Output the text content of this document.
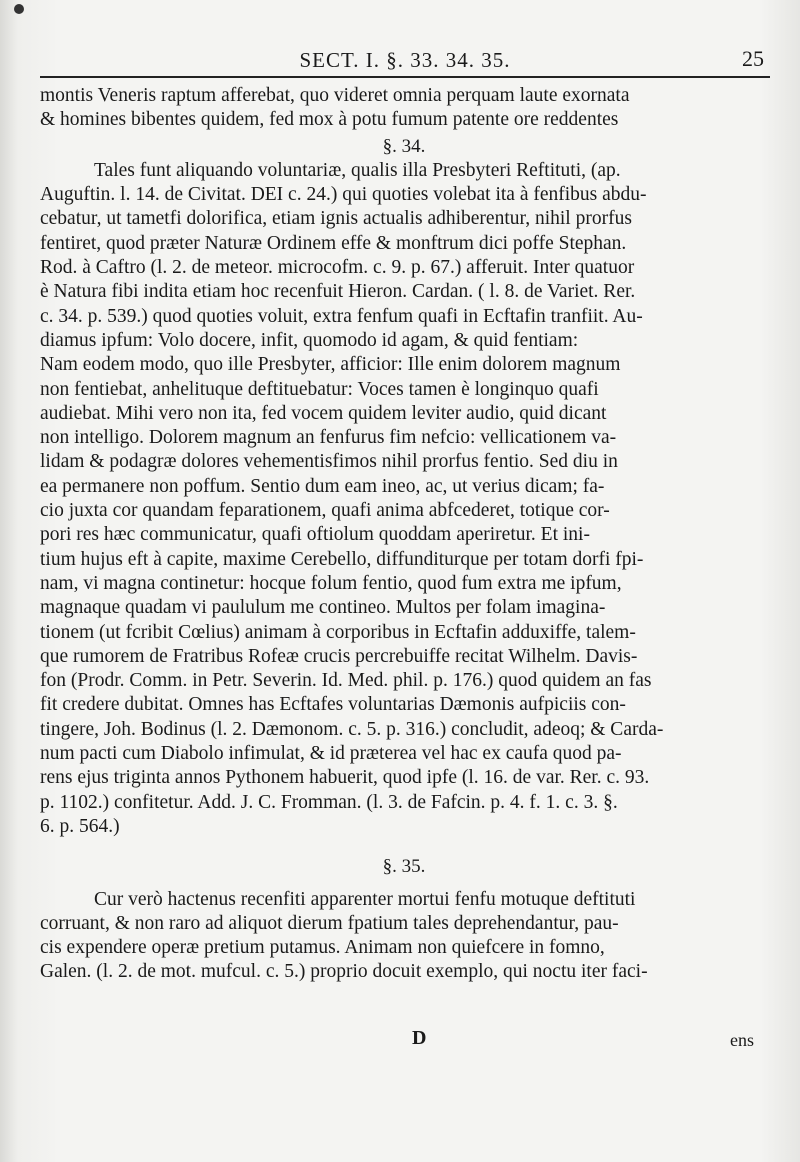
SECT. I. §. 33. 34. 35.	25
montis Veneris raptum afferebat, quo videret omnia perquam laute exornata
& homines bibentes quidem, fed mox à potu fumum patente ore reddentes
§. 34.
Tales funt aliquando voluntariæ, qualis illa Presbyteri Reftituti, (ap.
Auguftin. l. 14. de Civitat. DEI c. 24.) qui quoties volebat ita à fenfibus abdu-
cebatur, ut tametfi dolorifica, etiam ignis actualis adhiberentur, nihil prorfus
fentiret, quod præter Naturæ Ordinem effe & monftrum dici poffe Stephan.
Rod. à Caftro (l. 2. de meteor. microcofm. c. 9. p. 67.) afferuit. Inter quatuor
è Natura fibi indita etiam hoc recenfuit Hieron. Cardan. ( l. 8. de Variet. Rer.
c. 34. p. 539.) quod quoties voluit, extra fenfum quafi in Ecftafin tranfiit. Au-
diamus ipfum: Volo docere, infit, quomodo id agam, & quid fentiam:
Nam eodem modo, quo ille Presbyter, afficior: Ille enim dolorem magnum
non fentiebat, anhelituque deftituebatur: Voces tamen è longinquo quafi
audiebat. Mihi vero non ita, fed vocem quidem leviter audio, quid dicant
non intelligo. Dolorem magnum an fenfurus fim nefcio: vellicationem va-
lidam & podagræ dolores vehementisfimos nihil prorfus fentio. Sed diu in
ea permanere non poffum. Sentio dum eam ineo, ac, ut verius dicam; fa-
cio juxta cor quandam feparationem, quafi anima abfcederet, totique cor-
pori res hæc communicatur, quafi oftiolum quoddam aperiretur. Et ini-
tium hujus eft à capite, maxime Cerebello, diffunditurque per totam dorfi fpi-
nam, vi magna continetur: hocque folum fentio, quod fum extra me ipfum,
magnaque quadam vi paululum me contineo. Multos per folam imagina-
tionem (ut fcribit Cœlius) animam à corporibus in Ecftafin adduxiffe, talem-
que rumorem de Fratribus Rofeæ crucis percrebuiffe recitat Wilhelm. Davis-
fon (Prodr. Comm. in Petr. Severin. Id. Med. phil. p. 176.) quod quidem an fas
fit credere dubitat. Omnes has Ecftafes voluntarias Dæmonis aufpiciis con-
tingere, Joh. Bodinus (l. 2. Dæmonom. c. 5. p. 316.) concludit, adeoq; & Carda-
num pacti cum Diabolo infimulat, & id præterea vel hac ex caufa quod pa-
rens ejus triginta annos Pythonem habuerit, quod ipfe (l. 16. de var. Rer. c. 93.
p. 1102.) confitetur. Add. J. C. Fromman. (l. 3. de Fafcin. p. 4. f. 1. c. 3. §.
6. p. 564.)
§. 35.
Cur verò hactenus recenfiti apparenter mortui fenfu motuque deftituti
corruant, & non raro ad aliquot dierum fpatium tales deprehendantur, pau-
cis expendere operæ pretium putamus. Animam non quiefcere in fomno,
Galen. (l. 2. de mot. mufcul. c. 5.) proprio docuit exemplo, qui noctu iter faci-
D	ens
